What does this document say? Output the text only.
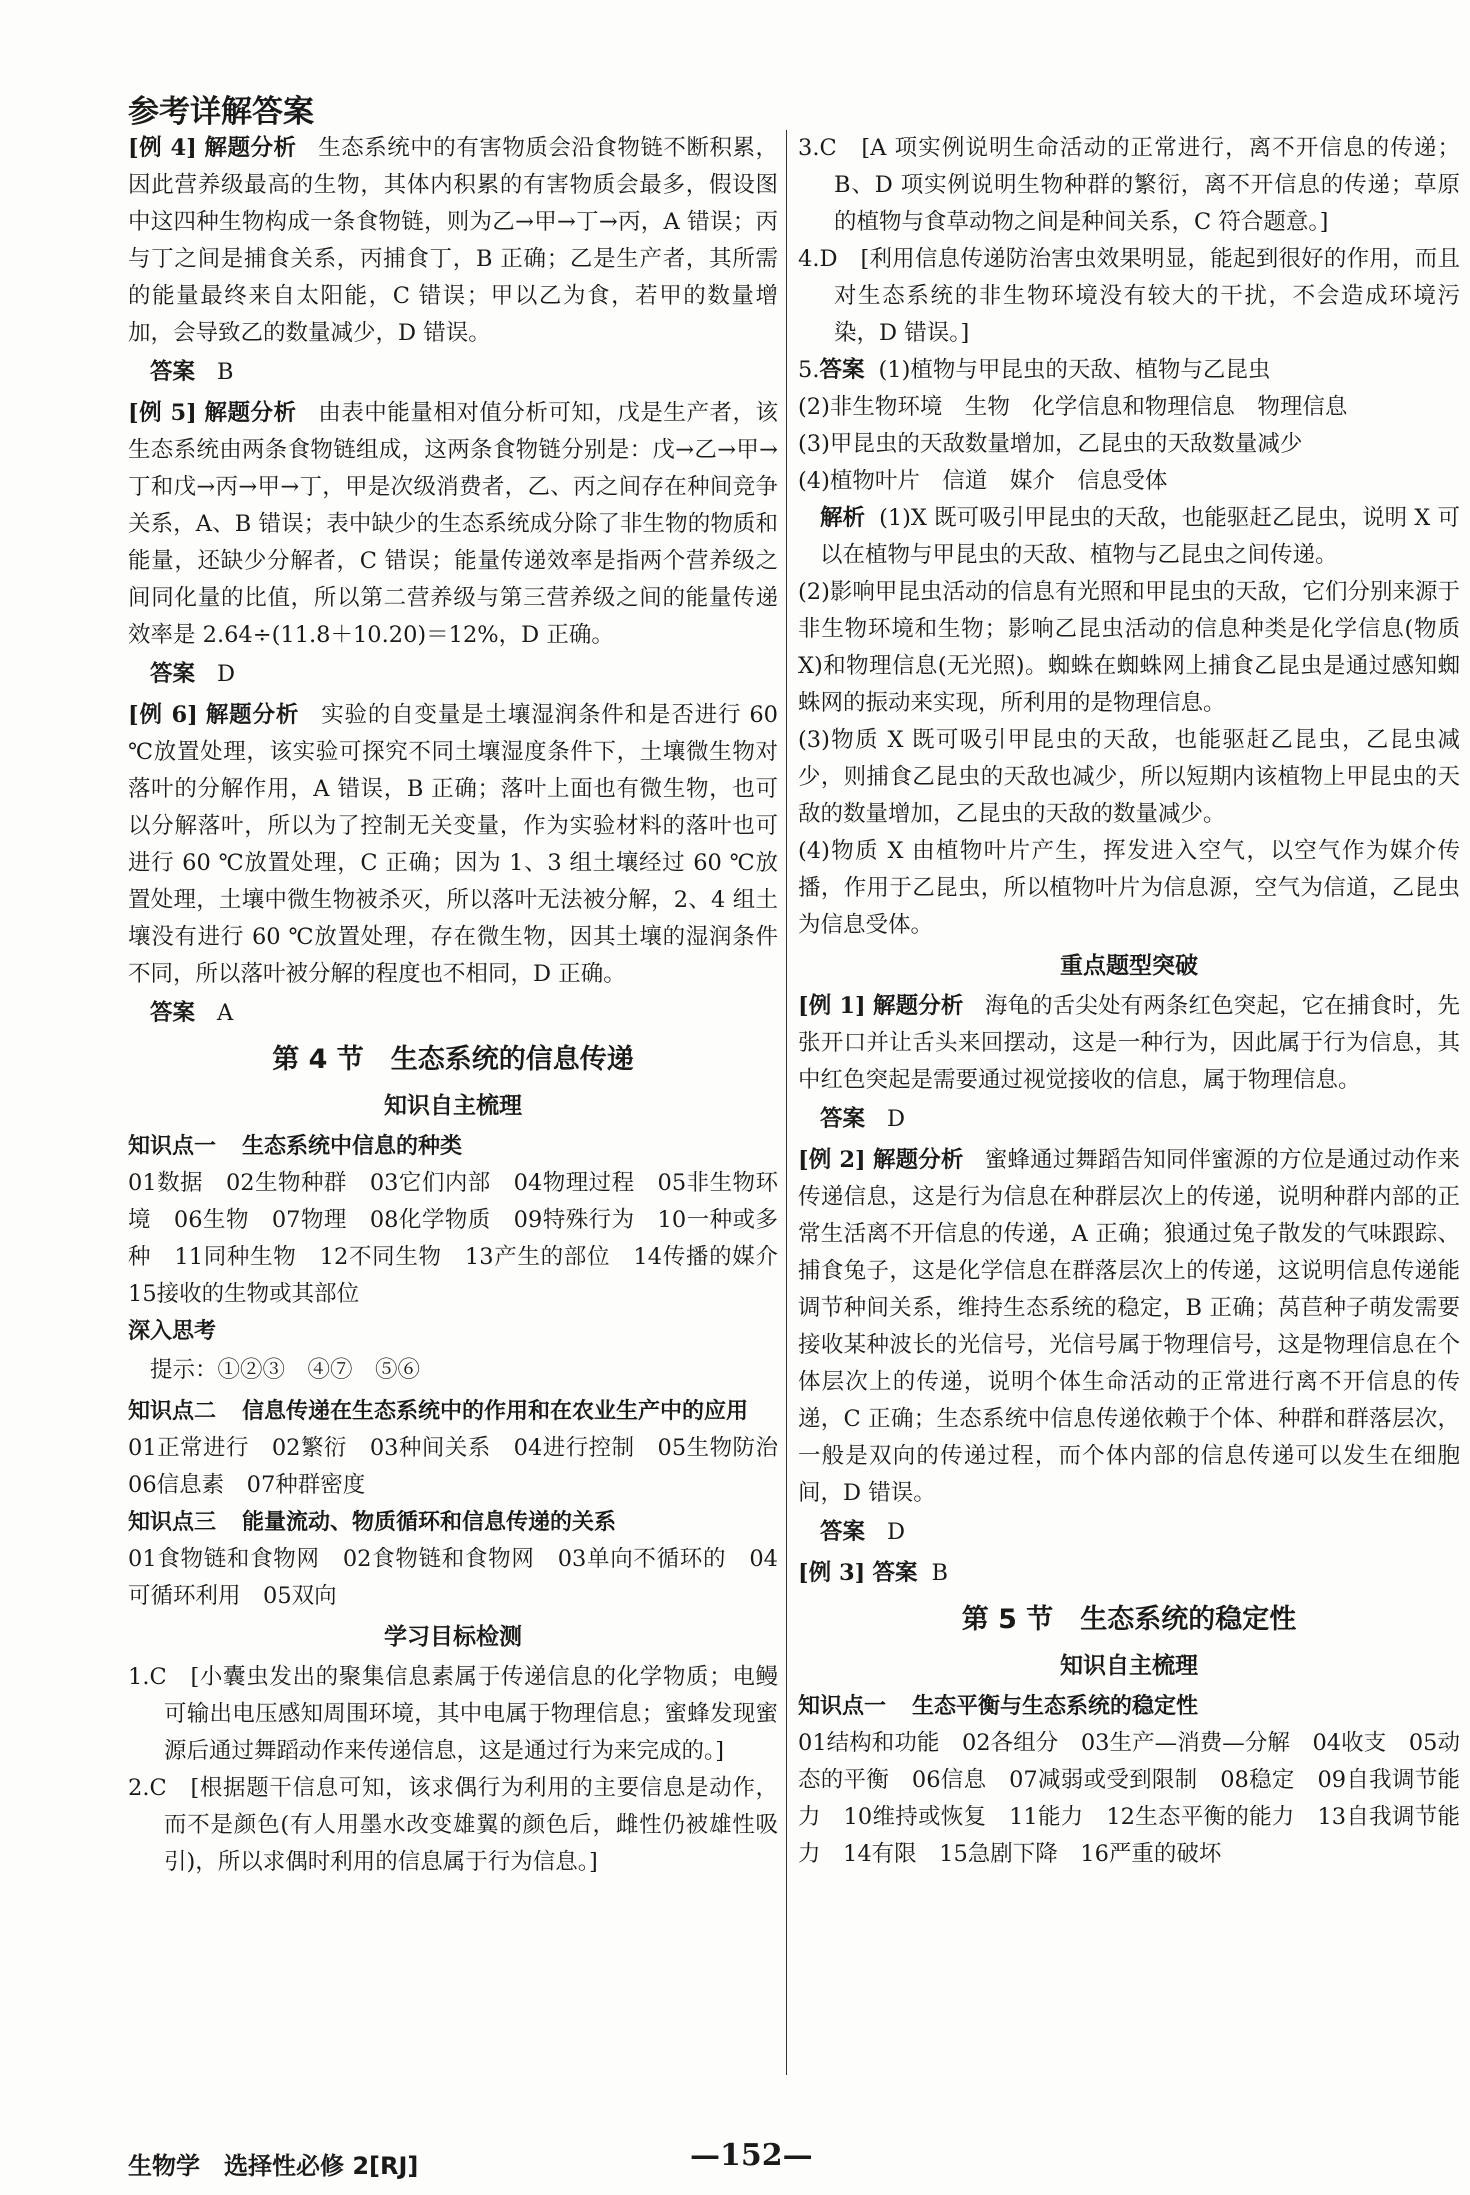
参考详解答案

[例 4] 解题分析 生态系统中的有害物质会沿食物链不断积累，因此营养级最高的生物，其体内积累的有害物质会最多，假设图中这四种生物构成一条食物链，则为乙→甲→丁→丙，A 错误；丙与丁之间是捕食关系，丙捕食丁，B 正确；乙是生产者，其所需的能量最终来自太阳能，C 错误；甲以乙为食，若甲的数量增加，会导致乙的数量减少，D 错误。

答案 B

[例 5] 解题分析 由表中能量相对值分析可知，戊是生产者，该生态系统由两条食物链组成，这两条食物链分别是：戊→乙→甲→丁和戊→丙→甲→丁，甲是次级消费者，乙、丙之间存在种间竞争关系，A、B 错误；表中缺少的生态系统成分除了非生物的物质和能量，还缺少分解者，C 错误；能量传递效率是指两个营养级之间同化量的比值，所以第二营养级与第三营养级之间的能量传递效率是 2.64÷(11.8＋10.20)＝12%，D 正确。

答案 D

[例 6] 解题分析 实验的自变量是土壤湿润条件和是否进行 60 ℃放置处理，该实验可探究不同土壤湿度条件下，土壤微生物对落叶的分解作用，A 错误，B 正确；落叶上面也有微生物，也可以分解落叶，所以为了控制无关变量，作为实验材料的落叶也可进行 60 ℃放置处理，C 正确；因为 1、3 组土壤经过 60 ℃放置处理，土壤中微生物被杀灭，所以落叶无法被分解，2、4 组土壤没有进行 60 ℃放置处理，存在微生物，因其土壤的湿润条件不同，所以落叶被分解的程度也不相同，D 正确。

答案 A

第 4 节　生态系统的信息传递
知识自主梳理

知识点一 生态系统中信息的种类

01数据　02生物种群　03它们内部　04物理过程　05非生物环境　06生物　07物理　08化学物质　09特殊行为　10一种或多种　11同种生物　12不同生物　13产生的部位　14传播的媒介　15接收的生物或其部位

深入思考

提示：①②③　④⑦　⑤⑥

知识点二 信息传递在生态系统中的作用和在农业生产中的应用

01正常进行　02繁衍　03种间关系　04进行控制　05生物防治　06信息素　07种群密度

知识点三 能量流动、物质循环和信息传递的关系

01食物链和食物网　02食物链和食物网　03单向不循环的　04可循环利用　05双向

学习目标检测

1.C　[小囊虫发出的聚集信息素属于传递信息的化学物质；电鳗可输出电压感知周围环境，其中电属于物理信息；蜜蜂发现蜜源后通过舞蹈动作来传递信息，这是通过行为来完成的。]

2.C　[根据题干信息可知，该求偶行为利用的主要信息是动作，而不是颜色(有人用墨水改变雄翼的颜色后，雌性仍被雄性吸引)，所以求偶时利用的信息属于行为信息。]

3.C　[A 项实例说明生命活动的正常进行，离不开信息的传递；B、D 项实例说明生物种群的繁衍，离不开信息的传递；草原的植物与食草动物之间是种间关系，C 符合题意。]

4.D　[利用信息传递防治害虫效果明显，能起到很好的作用，而且对生态系统的非生物环境没有较大的干扰，不会造成环境污染，D 错误。]

5.答案 (1)植物与甲昆虫的天敌、植物与乙昆虫

(2)非生物环境　生物　化学信息和物理信息　物理信息

(3)甲昆虫的天敌数量增加，乙昆虫的天敌数量减少

(4)植物叶片　信道　媒介　信息受体

解析 (1)X 既可吸引甲昆虫的天敌，也能驱赶乙昆虫，说明 X 可以在植物与甲昆虫的天敌、植物与乙昆虫之间传递。

(2)影响甲昆虫活动的信息有光照和甲昆虫的天敌，它们分别来源于非生物环境和生物；影响乙昆虫活动的信息种类是化学信息(物质 X)和物理信息(无光照)。蜘蛛在蜘蛛网上捕食乙昆虫是通过感知蜘蛛网的振动来实现，所利用的是物理信息。

(3)物质 X 既可吸引甲昆虫的天敌，也能驱赶乙昆虫，乙昆虫减少，则捕食乙昆虫的天敌也减少，所以短期内该植物上甲昆虫的天敌的数量增加，乙昆虫的天敌的数量减少。

(4)物质 X 由植物叶片产生，挥发进入空气，以空气作为媒介传播，作用于乙昆虫，所以植物叶片为信息源，空气为信道，乙昆虫为信息受体。

重点题型突破

[例 1] 解题分析 海龟的舌尖处有两条红色突起，它在捕食时，先张开口并让舌头来回摆动，这是一种行为，因此属于行为信息，其中红色突起是需要通过视觉接收的信息，属于物理信息。

答案 D

[例 2] 解题分析 蜜蜂通过舞蹈告知同伴蜜源的方位是通过动作来传递信息，这是行为信息在种群层次上的传递，说明种群内部的正常生活离不开信息的传递，A 正确；狼通过兔子散发的气味跟踪、捕食兔子，这是化学信息在群落层次上的传递，这说明信息传递能调节种间关系，维持生态系统的稳定，B 正确；莴苣种子萌发需要接收某种波长的光信号，光信号属于物理信号，这是物理信息在个体层次上的传递，说明个体生命活动的正常进行离不开信息的传递，C 正确；生态系统中信息传递依赖于个体、种群和群落层次，一般是双向的传递过程，而个体内部的信息传递可以发生在细胞间，D 错误。

答案 D

[例 3] 答案 B

第 5 节　生态系统的稳定性
知识自主梳理

知识点一 生态平衡与生态系统的稳定性

01结构和功能　02各组分　03生产—消费—分解　04收支　05动态的平衡　06信息　07减弱或受到限制　08稳定　09自我调节能力　10维持或恢复　11能力　12生态平衡的能力　13自我调节能力　14有限　15急剧下降　16严重的破坏

生物学　选择性必修 2[RJ]	—152—
